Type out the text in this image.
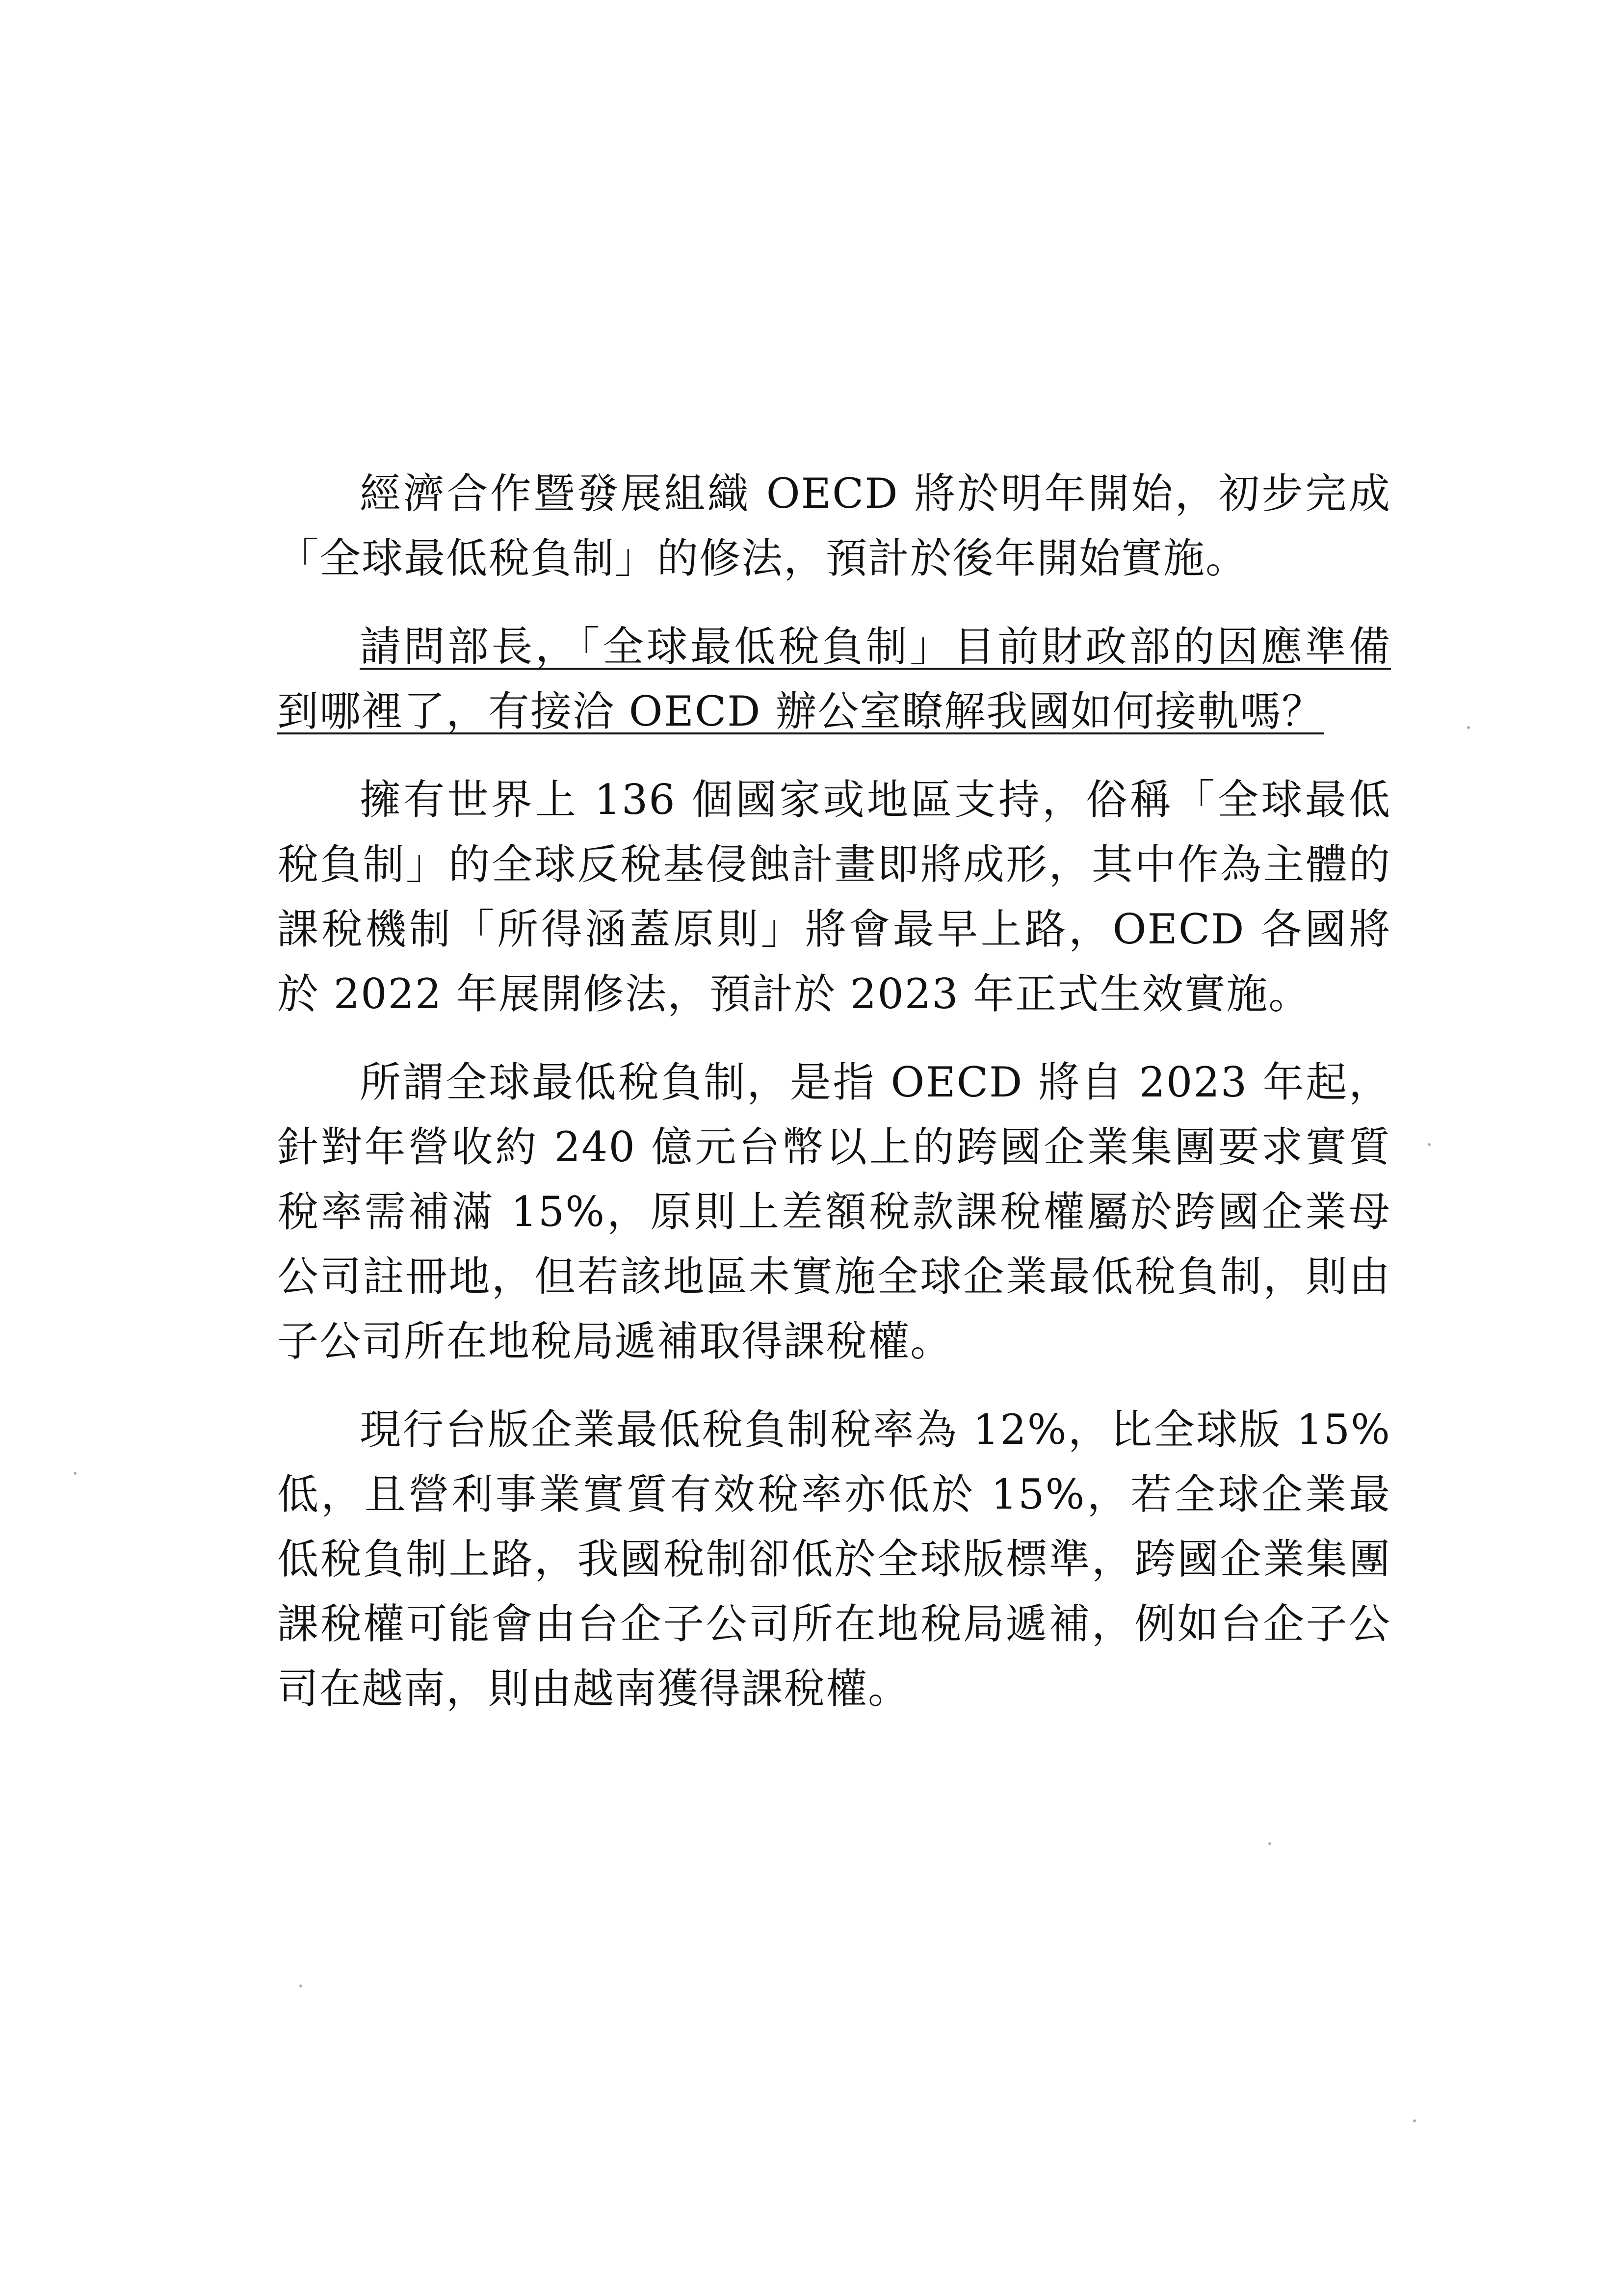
經濟合作暨發展組織 OECD 將於明年開始，初步完成「全球最低稅負制」的修法，預計於後年開始實施。

請問部長，「全球最低稅負制」目前財政部的因應準備到哪裡了，有接洽 OECD 辦公室瞭解我國如何接軌嗎？

擁有世界上 136 個國家或地區支持，俗稱「全球最低稅負制」的全球反稅基侵蝕計畫即將成形，其中作為主體的課稅機制「所得涵蓋原則」將會最早上路，OECD 各國將於 2022 年展開修法，預計於 2023 年正式生效實施。

所謂全球最低稅負制，是指 OECD 將自 2023 年起，針對年營收約 240 億元台幣以上的跨國企業集團要求實質稅率需補滿 15%，原則上差額稅款課稅權屬於跨國企業母公司註冊地，但若該地區未實施全球企業最低稅負制，則由子公司所在地稅局遞補取得課稅權。

現行台版企業最低稅負制稅率為 12%，比全球版 15%低，且營利事業實質有效稅率亦低於 15%，若全球企業最低稅負制上路，我國稅制卻低於全球版標準，跨國企業集團課稅權可能會由台企子公司所在地稅局遞補，例如台企子公司在越南，則由越南獲得課稅權。
